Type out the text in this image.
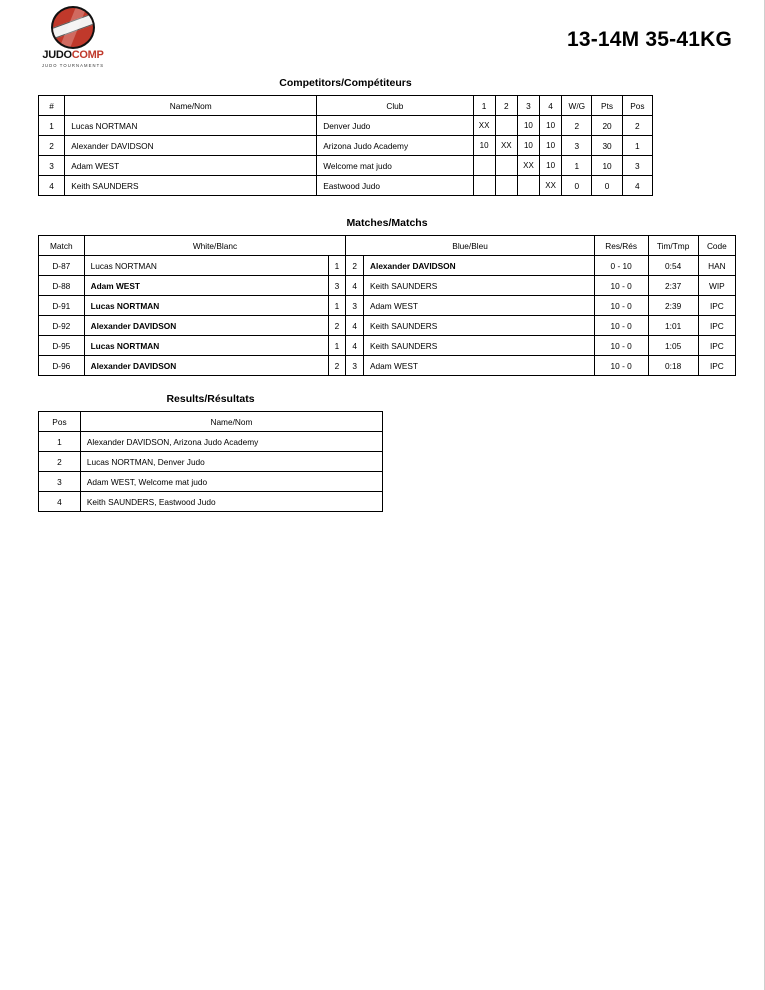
JUDOCOMP
JUDO TOURNAMENTS
13-14M 35-41KG
Competitors/Compétiteurs
#	Name/Nom	Club	1	2	3	4	W/G	Pts	Pos
1	Lucas NORTMAN	Denver Judo	XX		10	10	2	20	2
2	Alexander DAVIDSON	Arizona Judo Academy	10	XX	10	10	3	30	1
3	Adam WEST	Welcome mat judo			XX	10	1	10	3
4	Keith SAUNDERS	Eastwood Judo				XX	0	0	4
Matches/Matchs
Match	White/Blanc		Blue/Bleu		Res/Rés	Tim/Tmp	Code
D-87	Lucas NORTMAN	1	2	Alexander DAVIDSON	0 - 10	0:54	HAN
D-88	Adam WEST	3	4	Keith SAUNDERS	10 - 0	2:37	WIP
D-91	Lucas NORTMAN	1	3	Adam WEST	10 - 0	2:39	IPC
D-92	Alexander DAVIDSON	2	4	Keith SAUNDERS	10 - 0	1:01	IPC
D-95	Lucas NORTMAN	1	4	Keith SAUNDERS	10 - 0	1:05	IPC
D-96	Alexander DAVIDSON	2	3	Adam WEST	10 - 0	0:18	IPC
Results/Résultats
Pos	Name/Nom
1	Alexander DAVIDSON, Arizona Judo Academy
2	Lucas NORTMAN, Denver Judo
3	Adam WEST, Welcome mat judo
4	Keith SAUNDERS, Eastwood Judo
